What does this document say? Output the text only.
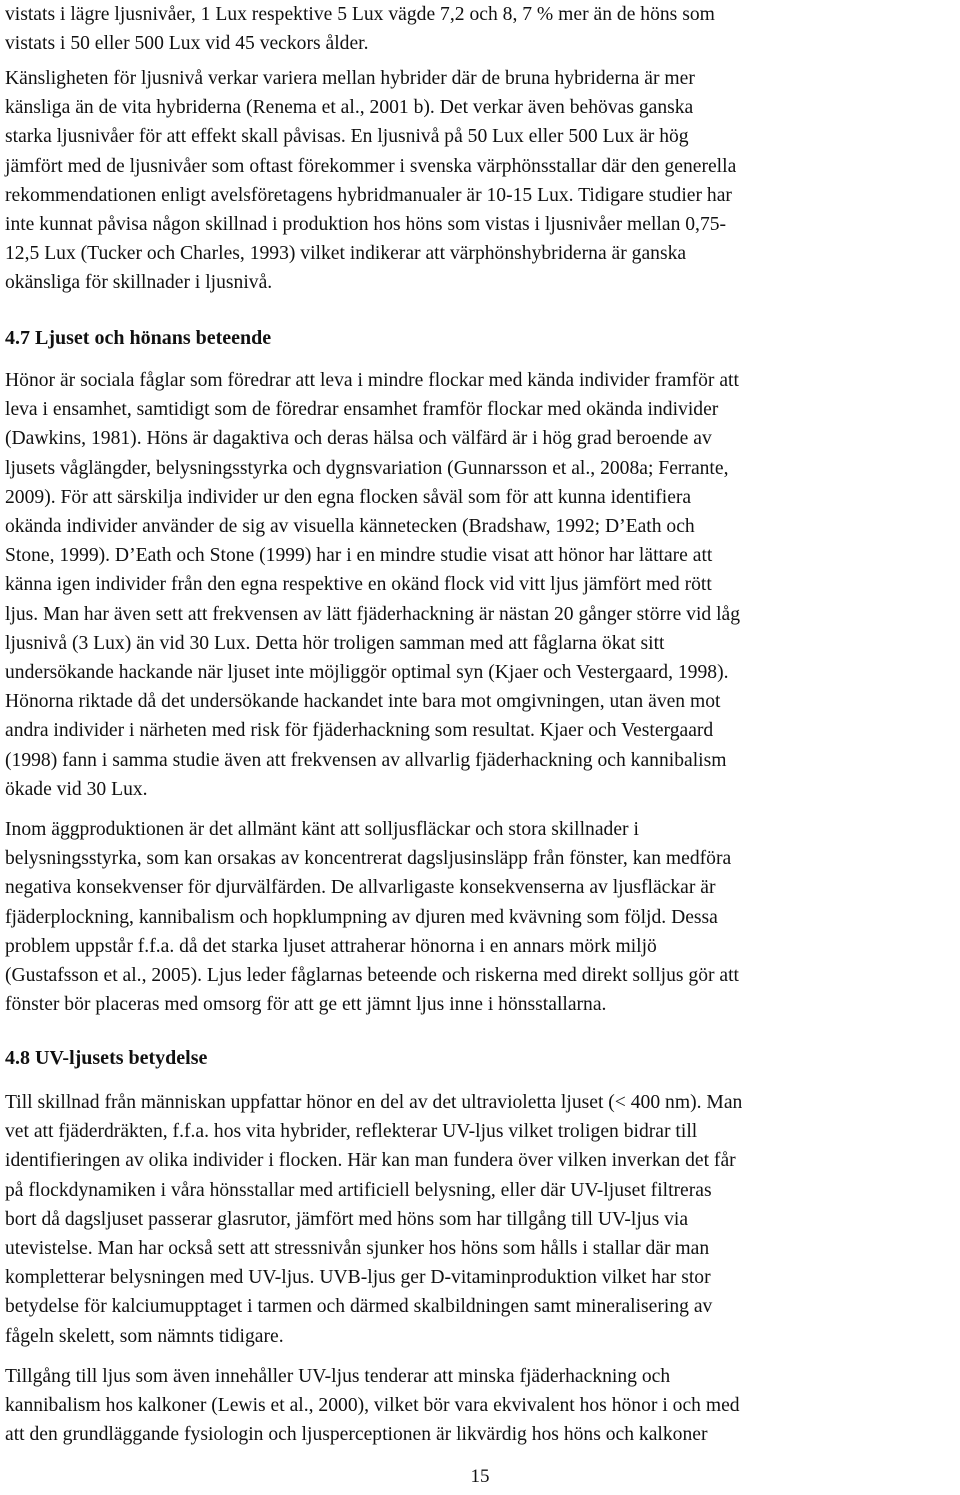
vistats i lägre ljusnivåer, 1 Lux respektive 5 Lux vägde 7,2 och 8, 7 % mer än de höns som
vistats i 50 eller 500 Lux vid 45 veckors ålder.

Känsligheten för ljusnivå verkar variera mellan hybrider där de bruna hybriderna är mer
känsliga än de vita hybriderna (Renema et al., 2001 b). Det verkar även behövas ganska
starka ljusnivåer för att effekt skall påvisas. En ljusnivå på 50 Lux eller 500 Lux är hög
jämfört med de ljusnivåer som oftast förekommer i svenska värphönsstallar där den generella
rekommendationen enligt avelsföretagens hybridmanualer är 10-15 Lux. Tidigare studier har
inte kunnat påvisa någon skillnad i produktion hos höns som vistas i ljusnivåer mellan 0,75-
12,5 Lux (Tucker och Charles, 1993) vilket indikerar att värphönshybriderna är ganska
okänsliga för skillnader i ljusnivå.

4.7 Ljuset och hönans beteende

Hönor är sociala fåglar som föredrar att leva i mindre flockar med kända individer framför att
leva i ensamhet, samtidigt som de föredrar ensamhet framför flockar med okända individer
(Dawkins, 1981). Höns är dagaktiva och deras hälsa och välfärd är i hög grad beroende av
ljusets våglängder, belysningsstyrka och dygnsvariation (Gunnarsson et al., 2008a; Ferrante,
2009). För att särskilja individer ur den egna flocken såväl som för att kunna identifiera
okända individer använder de sig av visuella kännetecken (Bradshaw, 1992; D’Eath och
Stone, 1999). D’Eath och Stone (1999) har i en mindre studie visat att hönor har lättare att
känna igen individer från den egna respektive en okänd flock vid vitt ljus jämfört med rött
ljus. Man har även sett att frekvensen av lätt fjäderhackning är nästan 20 gånger större vid låg
ljusnivå (3 Lux) än vid 30 Lux. Detta hör troligen samman med att fåglarna ökat sitt
undersökande hackande när ljuset inte möjliggör optimal syn (Kjaer och Vestergaard, 1998).
Hönorna riktade då det undersökande hackandet inte bara mot omgivningen, utan även mot
andra individer i närheten med risk för fjäderhackning som resultat. Kjaer och Vestergaard
(1998) fann i samma studie även att frekvensen av allvarlig fjäderhackning och kannibalism
ökade vid 30 Lux.

Inom äggproduktionen är det allmänt känt att solljusfläckar och stora skillnader i
belysningsstyrka, som kan orsakas av koncentrerat dagsljusinsläpp från fönster, kan medföra
negativa konsekvenser för djurvälfärden. De allvarligaste konsekvenserna av ljusfläckar är
fjäderplockning, kannibalism och hopklumpning av djuren med kvävning som följd. Dessa
problem uppstår f.f.a. då det starka ljuset attraherar hönorna i en annars mörk miljö
(Gustafsson et al., 2005). Ljus leder fåglarnas beteende och riskerna med direkt solljus gör att
fönster bör placeras med omsorg för att ge ett jämnt ljus inne i hönsstallarna.

4.8 UV-ljusets betydelse

Till skillnad från människan uppfattar hönor en del av det ultravioletta ljuset (< 400 nm). Man
vet att fjäderdräkten, f.f.a. hos vita hybrider, reflekterar UV-ljus vilket troligen bidrar till
identifieringen av olika individer i flocken. Här kan man fundera över vilken inverkan det får
på flockdynamiken i våra hönsstallar med artificiell belysning, eller där UV-ljuset filtreras
bort då dagsljuset passerar glasrutor, jämfört med höns som har tillgång till UV-ljus via
utevistelse. Man har också sett att stressnivån sjunker hos höns som hålls i stallar där man
kompletterar belysningen med UV-ljus. UVB-ljus ger D-vitaminproduktion vilket har stor
betydelse för kalciumupptaget i tarmen och därmed skalbildningen samt mineralisering av
fågeln skelett, som nämnts tidigare.

Tillgång till ljus som även innehåller UV-ljus tenderar att minska fjäderhackning och
kannibalism hos kalkoner (Lewis et al., 2000), vilket bör vara ekvivalent hos hönor i och med
att den grundläggande fysiologin och ljusperceptionen är likvärdig hos höns och kalkoner

15
